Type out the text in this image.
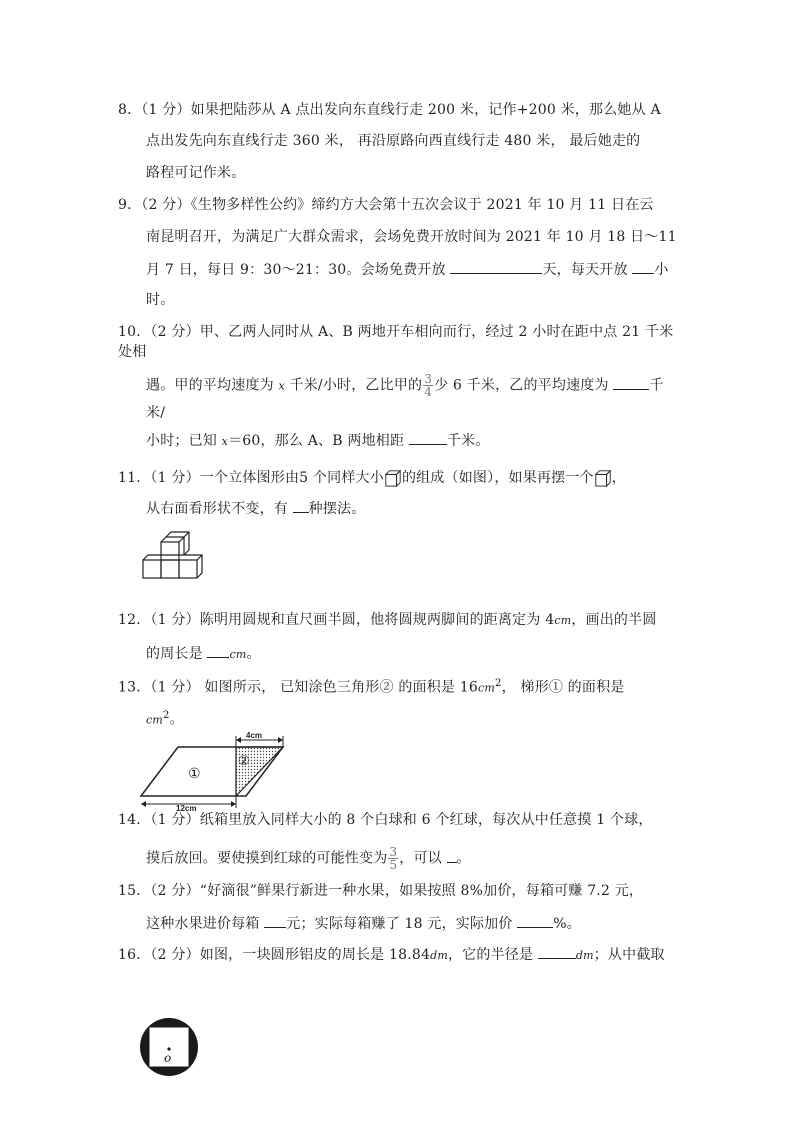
8．（1 分）如果把陆莎从 A 点出发向东直线行走 200 米，记作+200 米，那么她从 A
点出发先向东直线行走 360 米， 再沿原路向西直线行走 480 米， 最后她走的
路程可记作米。
9．（2 分）《生物多样性公约》缔约方大会第十五次会议于 2021 年 10 月 11 日在云
南昆明召开，为满足广大群众需求，会场免费开放时间为 2021 年 10 月 18 日～11
月 7 日，每日 9：30～21：30。会场免费开放	天，每天开放 小
时。
10．（2 分）甲、乙两人同时从 A、B 两地开车相向而行，经过 2 小时在距中点 21 千米
处相
遇。甲的平均速度为 x 千米/小时，乙比甲的 $\frac{3}{4}$ 少 6 千米，乙的平均速度为	千
米/
小时；已知 x＝60，那么 A、B 两地相距	千米。
11．（1 分）一个立体图形由5 个同样大小 的组成（如图），如果再摆一个 ，
从右面看形状不变，有 种摆法。
12．（1 分）陈明用圆规和直尺画半圆，他将圆规两脚间的距离定为 4cm，画出的半圆
的周长是 cm。
13．（1 分） 如图所示， 已知涂色三角形② 的面积是 $16cm^2$， 梯形① 的面积是
$cm^2$。
4cm
12cm
①
②
14．（1 分）纸箱里放入同样大小的 8 个白球和 6 个红球，每次从中任意摸 1 个球，
摸后放回。要使摸到红球的可能性变为 $\frac{3}{5}$ ，可以 。
15．（2 分）“好滴很”鲜果行新进一种水果，如果按照 8%加价，每箱可赚 7.2 元，
这种水果进价每箱 元；实际每箱赚了 18 元，实际加价	%。
16．（2 分）如图，一块圆形铝皮的周长是 18.84dm，它的半径是	dm；从中截取
o
